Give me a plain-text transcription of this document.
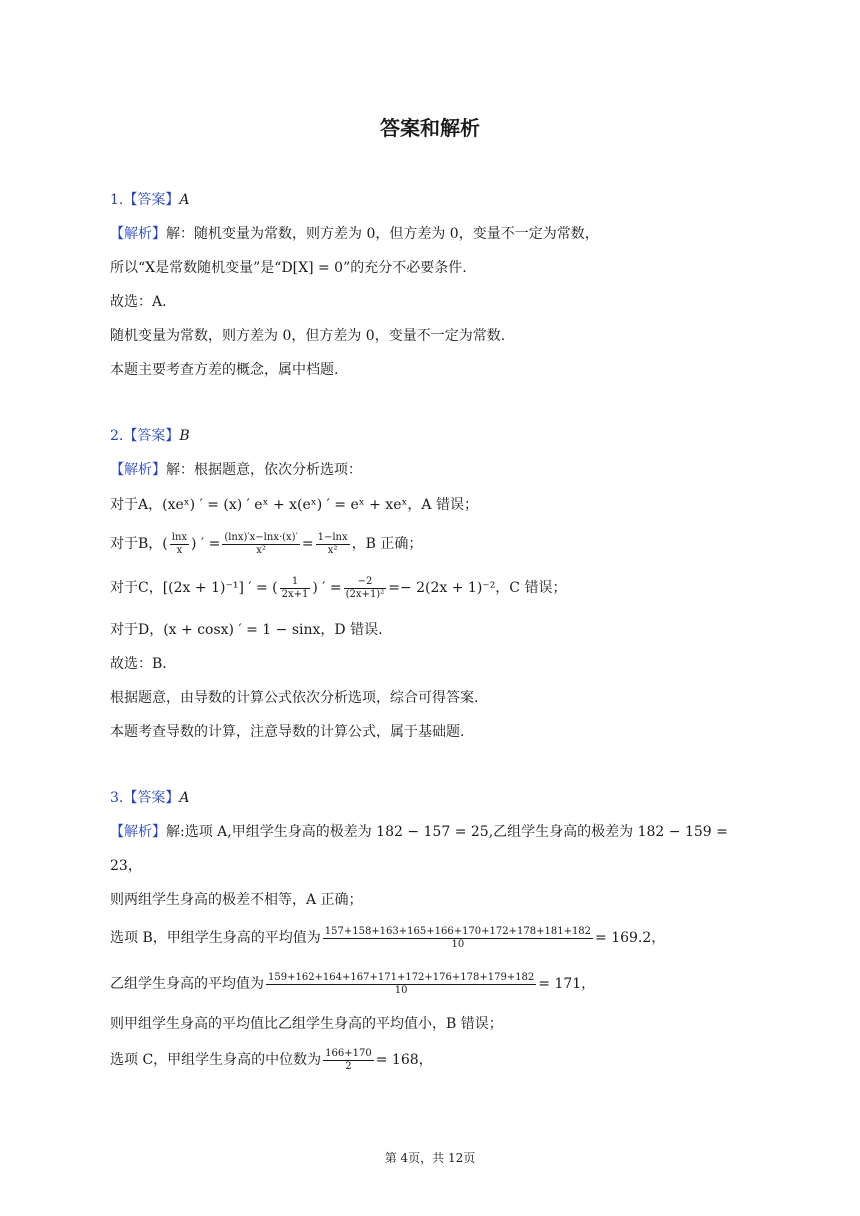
答案和解析
1.【答案】A
【解析】解：随机变量为常数，则方差为 0，但方差为 0，变量不一定为常数，
所以“X是常数随机变量”是“D[X] = 0”的充分不必要条件.
故选：A.
随机变量为常数，则方差为 0，但方差为 0，变量不一定为常数.
本题主要考查方差的概念，属中档题.
2.【答案】B
【解析】解：根据题意，依次分析选项：
对于A，(xeˣ) ′ = (x) ′ eˣ + x(eˣ) ′ = eˣ + xeˣ，A 错误；
对于B，( $\frac{\ln x}{x}$ ) ′ = $\frac{(\ln x)'x-\ln x\cdot(x)'}{\text{x²}} = \frac{1-\ln x}{\text{x²}}$ ，B 正确；
对于C，[(2x + 1)⁻¹] ′ = ( $\frac{1}{2x+1}$ ) ′ = $\frac{-2}{\text{(2x+1)²}} =- 2(2x + 1)^{-2}$，C 错误；
对于D，(x + cosx) ′ = 1 − sinx，D 错误.
故选：B.
根据题意，由导数的计算公式依次分析选项，综合可得答案.
本题考查导数的计算，注意导数的计算公式，属于基础题.
3.【答案】A
【解析】解:选项 A,甲组学生身高的极差为 182 − 157 = 25,乙组学生身高的极差为 182 − 159 =
23，
则两组学生身高的极差不相等，A 正确；
选项 B，甲组学生身高的平均值为 $\frac{157+158+163+165+166+170+172+178+181+182}{10} = 169.2$，
乙组学生身高的平均值为 $\frac{159+162+164+167+171+172+176+178+179+182}{10} = 171$，
则甲组学生身高的平均值比乙组学生身高的平均值小，B 错误；
选项 C，甲组学生身高的中位数为 $\frac{166+170}{2} = 168$，
第 4页，共 12页
